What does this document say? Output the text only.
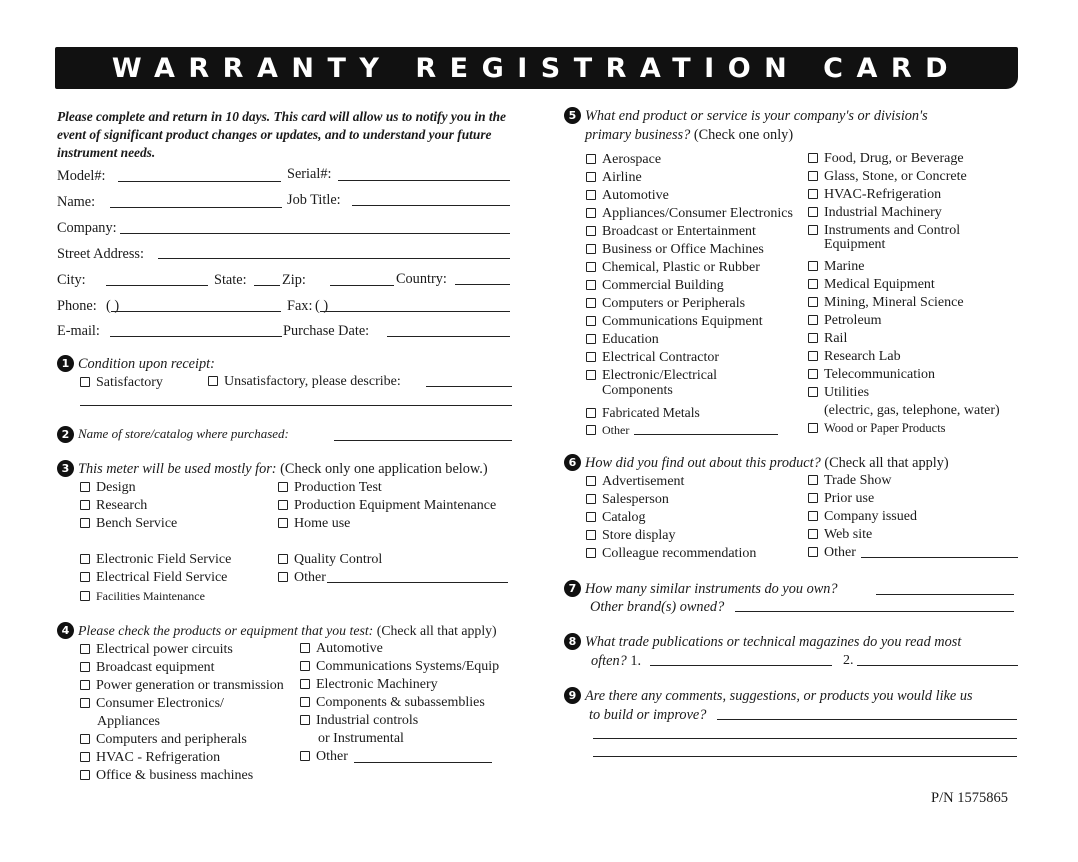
WARRANTY REGISTRATION CARD
Please complete and return in 10 days. This card will allow us to notify you in the event of significant product changes or updates, and to understand your future instrument needs.
Model#:	Serial#:
Name:	Job Title:
Company:
Street Address:
City:	State: Zip:	Country:
Phone: ( )	Fax: ( )
E-mail:	Purchase Date:
1 Condition upon receipt:
Satisfactory	Unsatisfactory, please describe:
2 Name of store/catalog where purchased:
3 This meter will be used mostly for: (Check only one application below.)
Design
Research
Bench Service
Electronic Field Service
Electrical Field Service
Facilities Maintenance
Production Test
Production Equipment Maintenance
Home use
Quality Control
Other
4 Please check the products or equipment that you test: (Check all that apply)
Electrical power circuits
Broadcast equipment
Power generation or transmission
Consumer Electronics/
Appliances
Computers and peripherals
HVAC - Refrigeration
Office & business machines
Automotive
Communications Systems/Equip
Electronic Machinery
Components & subassemblies
Industrial controls
or Instrumental
Other
5 What end product or service is your company's or division's
primary business? (Check one only)
Aerospace
Airline
Automotive
Appliances/Consumer Electronics
Broadcast or Entertainment
Business or Office Machines
Chemical, Plastic or Rubber
Commercial Building
Computers or Peripherals
Communications Equipment
Education
Electrical Contractor
Electronic/Electrical
Components
Fabricated Metals
Other
Food, Drug, or Beverage
Glass, Stone, or Concrete
HVAC-Refrigeration
Industrial Machinery
Instruments and Control
Equipment
Marine
Medical Equipment
Mining, Mineral Science
Petroleum
Rail
Research Lab
Telecommunication
Utilities
(electric, gas, telephone, water)
Wood or Paper Products
6 How did you find out about this product? (Check all that apply)
Advertisement
Salesperson
Catalog
Store display
Colleague recommendation
Trade Show
Prior use
Company issued
Web site
Other
7 How many similar instruments do you own?
Other brand(s) owned?
8 What trade publications or technical magazines do you read most
often? 1.	2.
9 Are there any comments, suggestions, or products you would like us
to build or improve?
P/N 1575865
